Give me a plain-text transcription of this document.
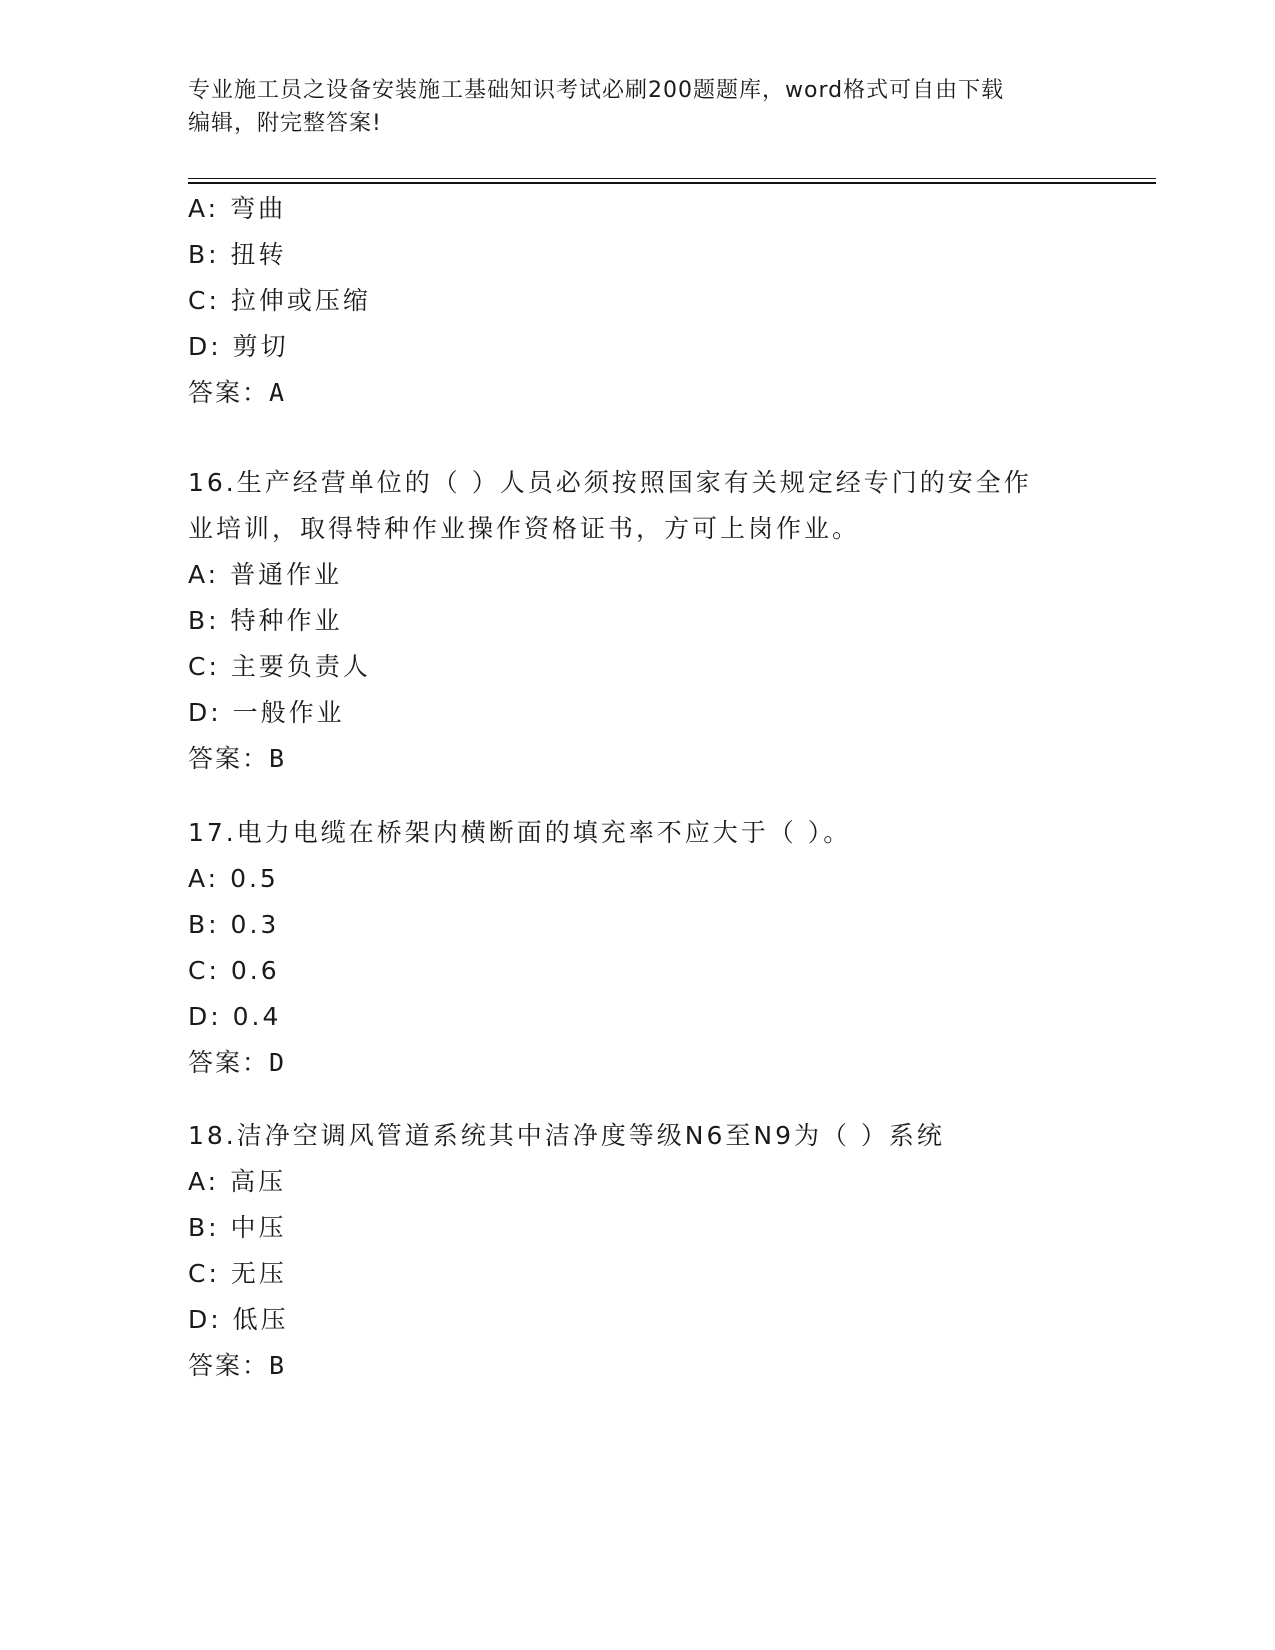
专业施工员之设备安装施工基础知识考试必刷200题题库，word格式可自由下载
编辑，附完整答案!
A: 弯曲
B: 扭转
C: 拉伸或压缩
D: 剪切
答案：A
16.生产经营单位的（ ）人员必须按照国家有关规定经专门的安全作
业培训，取得特种作业操作资格证书，方可上岗作业。
A: 普通作业
B: 特种作业
C: 主要负责人
D: 一般作业
答案：B
17.电力电缆在桥架内横断面的填充率不应大于（ ）。
A: 0.5
B: 0.3
C: 0.6
D: 0.4
答案：D
18.洁净空调风管道系统其中洁净度等级N6至N9为（ ）系统
A: 高压
B: 中压
C: 无压
D: 低压
答案：B
